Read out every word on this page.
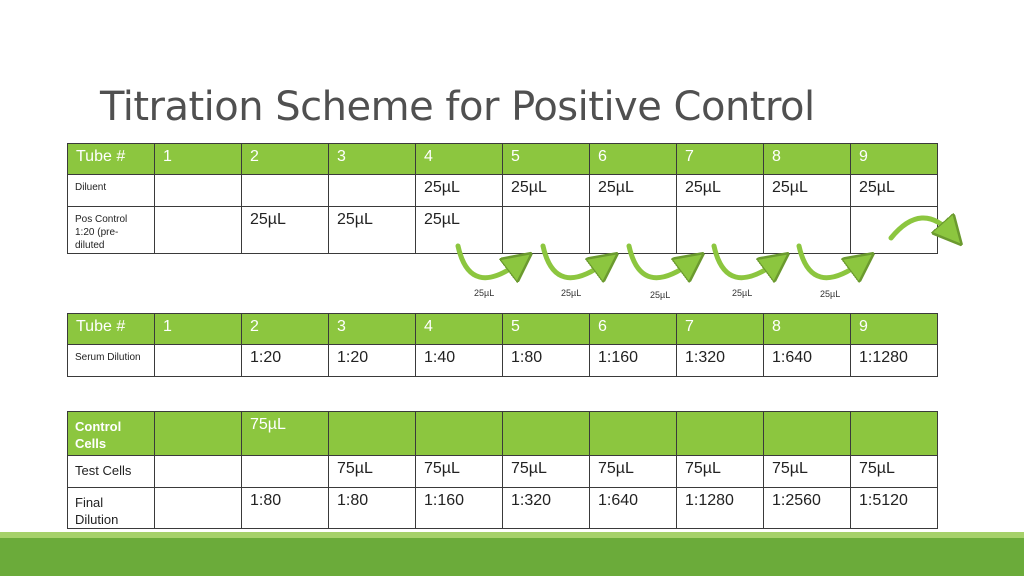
Titration Scheme for Positive Control
Tube #	1	2	3	4	5	6	7	8	9

Diluent				25µL	25µL	25µL	25µL	25µL	25µL

Pos Control 1:20 (pre-diluted		25µL	25µL	25µL					

25µL	25µL	25µL	25µL	25µL
Tube #	1	2	3	4	5	6	7	8	9

Serum Dilution		1:20	1:20	1:40	1:80	1:160	1:320	1:640	1:1280
Control Cells		75µL							

Test Cells			75µL	75µL	75µL	75µL	75µL	75µL	75µL

Final Dilution		1:80	1:80	1:160	1:320	1:640	1:1280	1:2560	1:5120
